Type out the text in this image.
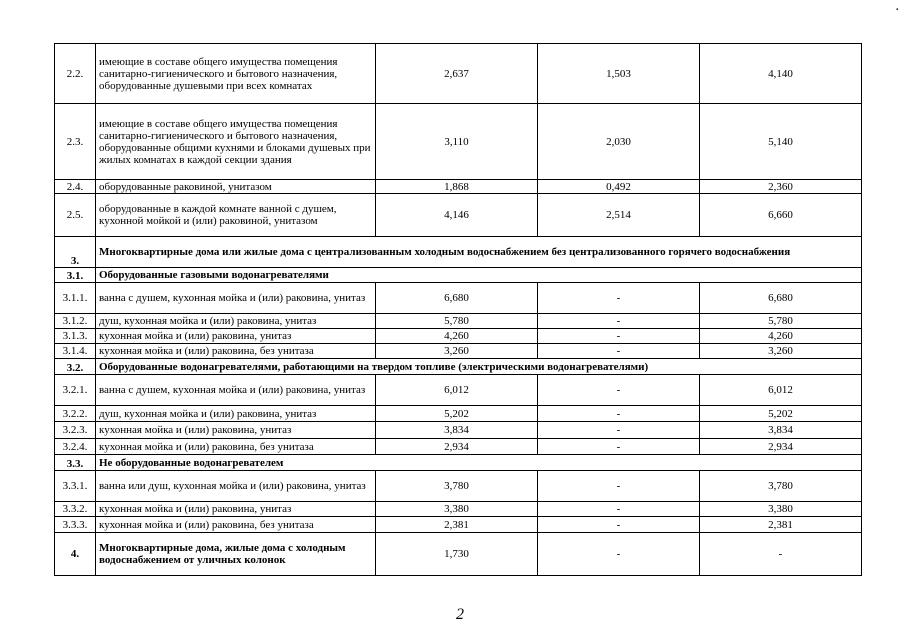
2.2.	имеющие в составе общего имущества помещения санитарно-гигиенического и бытового назначения, оборудованные душевыми при всех комнатах	2,637	1,503	4,140
2.3.	имеющие в составе общего имущества помещения санитарно-гигиенического и бытового назначения, оборудованные общими кухнями и блоками душевых при жилых комнатах в каждой секции здания	3,110	2,030	5,140
2.4.	оборудованные раковиной, унитазом	1,868	0,492	2,360
2.5.	оборудованные в каждой комнате ванной с душем, кухонной мойкой и (или) раковиной, унитазом	4,146	2,514	6,660
3.	Многоквартирные дома или жилые дома с централизованным холодным водоснабжением без централизованного горячего водоснабжения			
3.1.	Оборудованные газовыми водонагревателями			
3.1.1.	ванна с душем, кухонная мойка и (или) раковина, унитаз	6,680	-	6,680
3.1.2.	душ, кухонная мойка и (или) раковина, унитаз	5,780	-	5,780
3.1.3.	кухонная мойка и (или) раковина, унитаз	4,260	-	4,260
3.1.4.	кухонная мойка и (или) раковина, без унитаза	3,260	-	3,260
3.2.	Оборудованные водонагревателями, работающими на твердом топливе (электрическими водонагревателями)			
3.2.1.	ванна с душем, кухонная мойка и (или) раковина, унитаз	6,012	-	6,012
3.2.2.	душ, кухонная мойка и (или) раковина, унитаз	5,202	-	5,202
3.2.3.	кухонная мойка и (или) раковина, унитаз	3,834	-	3,834
3.2.4.	кухонная мойка и (или) раковина, без унитаза	2,934	-	2,934
3.3.	Не оборудованные водонагревателем			
3.3.1.	ванна или душ, кухонная мойка и (или) раковина, унитаз	3,780	-	3,780
3.3.2.	кухонная мойка и (или) раковина, унитаз	3,380	-	3,380
3.3.3.	кухонная мойка и (или) раковина, без унитаза	2,381	-	2,381
4.	Многоквартирные дома, жилые дома с холодным водоснабжением от уличных колонок	1,730	-	-
2
.
